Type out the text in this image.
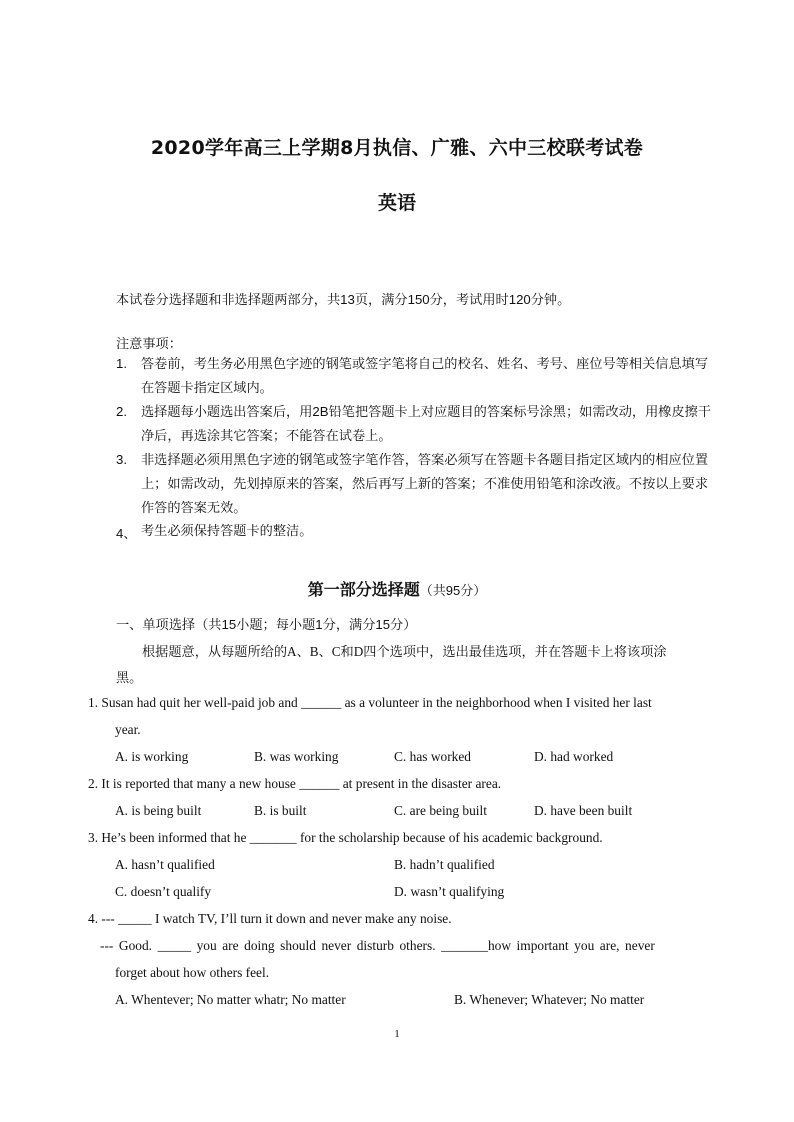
2020学年高三上学期8月执信、广雅、六中三校联考试卷
英语
本试卷分选择题和非选择题两部分，共13页，满分150分，考试用时120分钟。
注意事项：
1. 答卷前，考生务必用黑色字迹的钢笔或签字笔将自己的校名、姓名、考号、座位号等相关信息填写在答题卡指定区域内。
2. 选择题每小题选出答案后，用2B铅笔把答题卡上对应题目的答案标号涂黑；如需改动，用橡皮擦干净后，再选涂其它答案；不能答在试卷上。
3. 非选择题必须用黑色字迹的钢笔或签字笔作答，答案必须写在答题卡各题目指定区域内的相应位置上；如需改动，先划掉原来的答案，然后再写上新的答案；不准使用铅笔和涂改液。不按以上要求作答的答案无效。
4、 考生必须保持答题卡的整洁。
第一部分选择题（共95分）
一、单项选择（共15小题；每小题1分，满分15分）
根据题意，从每题所给的A、B、C和D四个选项中，选出最佳选项，并在答题卡上将该项涂黑。
1. Susan had quit her well-paid job and ______ as a volunteer in the neighborhood when I visited her last
year.
A. is working	B. was working	C. has worked	D. had worked
2. It is reported that many a new house ______ at present in the disaster area.
A. is being built	B. is built	C. are being built	D. have been built
3. He’s been informed that he _______ for the scholarship because of his academic background.
A. hasn’t qualified	B. hadn’t qualified
C. doesn’t qualify	D. wasn’t qualifying
4. --- _____ I watch TV, I’ll turn it down and never make any noise.
--- Good. _____ you are doing should never disturb others. _______how important you are, never
forget about how others feel.
A. Whentever; No matter whatr; No matter	B. Whenever; Whatever; No matter
1
